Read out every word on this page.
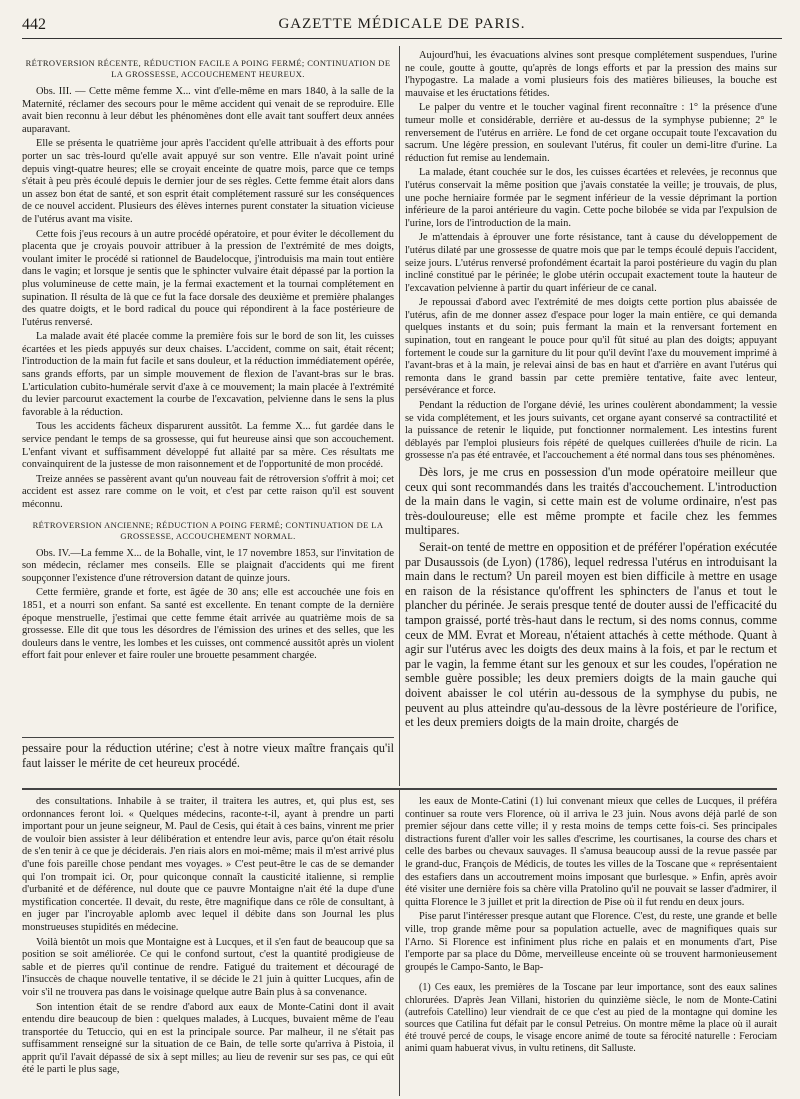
442	GAZETTE MÉDICALE DE PARIS.
RÉTROVERSION RÉCENTE, RÉDUCTION FACILE A POING FERMÉ; CONTINUATION DE LA GROSSESSE, ACCOUCHEMENT HEUREUX.

Obs. III. — Cette même femme X... vint d'elle-même en mars 1840, à la salle de la Maternité, réclamer des secours pour le même accident qui venait de se reproduire. Elle avait bien reconnu à leur début les phénomènes dont elle avait tant souffert deux années auparavant.

Elle se présenta le quatrième jour après l'accident qu'elle attribuait à des efforts pour porter un sac très-lourd qu'elle avait appuyé sur son ventre. Elle n'avait point uriné depuis vingt-quatre heures; elle se croyait enceinte de quatre mois, parce que ce temps s'était à peu près écoulé depuis le dernier jour de ses règles. Cette femme était alors dans un assez bon état de santé, et son esprit était complétement rassuré sur les conséquences de ce nouvel accident. Plusieurs des élèves internes purent constater la situation vicieuse de l'utérus avant ma visite.

Cette fois j'eus recours à un autre procédé opératoire, et pour éviter le décollement du placenta que je croyais pouvoir attribuer à la pression de l'extrémité de mes doigts, voulant imiter le procédé si rationnel de Baudelocque, j'introduisis ma main tout entière dans le vagin; et lorsque je sentis que le sphincter vulvaire était dépassé par la portion la plus volumineuse de cette main, je la fermai exactement et la tournai complétement en supination. Il résulta de là que ce fut la face dorsale des deuxième et première phalanges des quatre doigts, et le bord radical du pouce qui répondirent à la face postérieure de l'utérus renversé.

La malade avait été placée comme la première fois sur le bord de son lit, les cuisses écartées et les pieds appuyés sur deux chaises. L'accident, comme on sait, était récent; l'introduction de la main fut facile et sans douleur, et la réduction immédiatement opérée, sans grands efforts, par un simple mouvement de flexion de l'avant-bras sur le bras. L'articulation cubito-humérale servit d'axe à ce mouvement; la main placée à l'extrémité du levier parcourut exactement la courbe de l'excavation, pelvienne dans le sens la plus favorable à la réduction.

Tous les accidents fâcheux disparurent aussitôt. La femme X... fut gardée dans le service pendant le temps de sa grossesse, qui fut heureuse ainsi que son accouchement. L'enfant vivant et suffisamment développé fut allaité par sa mère. Ces résultats me convainquirent de la justesse de mon raisonnement et de l'opportunité de mon procédé.

Treize années se passèrent avant qu'un nouveau fait de rétroversion s'offrit à moi; cet accident est assez rare comme on le voit, et c'est par cette raison qu'il est souvent méconnu.

RÉTROVERSION ANCIENNE; RÉDUCTION A POING FERMÉ; CONTINUATION DE LA GROSSESSE, ACCOUCHEMENT NORMAL.

Obs. IV.—La femme X... de la Bohalle, vint, le 17 novembre 1853, sur l'invitation de son médecin, réclamer mes conseils. Elle se plaignait d'accidents qui me firent soupçonner l'existence d'une rétroversion datant de quinze jours.

Cette fermière, grande et forte, est âgée de 30 ans; elle est accouchée une fois en 1851, et a nourri son enfant. Sa santé est excellente. En tenant compte de la dernière époque menstruelle, j'estimai que cette femme était arrivée au quatrième mois de sa grossesse. Elle dit que tous les désordres de l'émission des urines et des selles, que les douleurs dans le ventre, les lombes et les cuisses, ont commencé aussitôt après un violent effort fait pour enlever et faire rouler une brouette pesamment chargée.

Aujourd'hui, les évacuations alvines sont presque complétement suspendues, l'urine ne coule, goutte à goutte, qu'après de longs efforts et par la pression des mains sur l'hypogastre. La malade a vomi plusieurs fois des matières bilieuses, la bouche est mauvaise et les éructations fétides.

Le palper du ventre et le toucher vaginal firent reconnaître : 1° la présence d'une tumeur molle et considérable, derrière et au-dessus de la symphyse pubienne; 2° le renversement de l'utérus en arrière. Le fond de cet organe occupait toute l'excavation du sacrum. Une légère pression, en soulevant l'utérus, fit couler un demi-litre d'urine. La réduction fut remise au lendemain.

La malade, étant couchée sur le dos, les cuisses écartées et relevées, je reconnus que l'utérus conservait la même position que j'avais constatée la veille; je trouvais, de plus, une poche herniaire formée par le segment inférieur de la vessie déprimant la portion inférieure de la paroi antérieure du vagin. Cette poche bilobée se vida par l'expulsion de l'urine, lors de l'introduction de la main.

Je m'attendais à éprouver une forte résistance, tant à cause du développement de l'utérus dilaté par une grossesse de quatre mois que par le temps écoulé depuis l'accident, seize jours. L'utérus renversé profondément écartait la paroi postérieure du vagin du plan incliné constitué par le périnée; le globe utérin occupait exactement toute la hauteur de l'excavation pelvienne à partir du quart inférieur de ce canal.

Je repoussai d'abord avec l'extrémité de mes doigts cette portion plus abaissée de l'utérus, afin de me donner assez d'espace pour loger la main entière, ce qui demanda quelques instants et du soin; puis fermant la main et la renversant fortement en supination, tout en rangeant le pouce pour qu'il fût situé au plan des doigts; appuyant fortement le coude sur la garniture du lit pour qu'il devînt l'axe du mouvement imprimé à l'avant-bras et à la main, je relevai ainsi de bas en haut et d'arrière en avant l'utérus qui remonta dans le grand bassin par cette première tentative, faite avec lenteur, persévérance et force.

Pendant la réduction de l'organe dévié, les urines coulèrent abondamment; la vessie se vida complétement, et les jours suivants, cet organe ayant conservé sa contractilité et la puissance de retenir le liquide, put fonctionner normalement. Les intestins furent déblayés par l'emploi plusieurs fois répété de quelques cuillerées d'huile de ricin. La grossesse n'a pas été entravée, et l'accouchement a été normal dans tous ses phénomènes.

Dès lors, je me crus en possession d'un mode opératoire meilleur que ceux qui sont recommandés dans les traités d'accouchement. L'introduction de la main dans le vagin, si cette main est de volume ordinaire, n'est pas très-douloureuse; elle est même prompte et facile chez les femmes multipares.

Serait-on tenté de mettre en opposition et de préférer l'opération exécutée par Dusaussois (de Lyon) (1786), lequel redressa l'utérus en introduisant la main dans le rectum? Un pareil moyen est bien difficile à mettre en usage en raison de la résistance qu'offrent les sphincters de l'anus et tout le plancher du périnée. Je serais presque tenté de douter aussi de l'efficacité du tampon graissé, porté très-haut dans le rectum, si des noms connus, comme ceux de MM. Evrat et Moreau, n'étaient attachés à cette méthode. Quant à agir sur l'utérus avec les doigts des deux mains à la fois, et par le rectum et par le vagin, la femme étant sur les genoux et sur les coudes, l'opération ne semble guère possible; les deux premiers doigts de la main gauche qui doivent abaisser le col utérin au-dessous de la symphyse du pubis, ne peuvent au plus atteindre qu'au-dessous de la lèvre postérieure de l'orifice, et les deux premiers doigts de la main droite, chargés de

pessaire pour la réduction utérine; c'est à notre vieux maître français qu'il faut laisser le mérite de cet heureux procédé.

des consultations. Inhabile à se traiter, il traitera les autres, et, qui plus est, ses ordonnances feront loi. « Quelques médecins, raconte-t-il, ayant à prendre un parti important pour un jeune seigneur, M. Paul de Cesis, qui était à ces bains, vinrent me prier de vouloir bien assister à leur délibération et entendre leur avis, parce qu'on était résolu de s'en tenir à ce que je déciderais. J'en riais alors en moi-même; mais il m'est arrivé plus d'une fois pareille chose pendant mes voyages. » C'est peut-être le cas de se demander qui l'on trompait ici. Or, pour quiconque connaît la causticité italienne, si remplie d'urbanité et de déférence, nul doute que ce pauvre Montaigne n'ait été la dupe d'une mystification concertée. Il devait, du reste, être magnifique dans ce rôle de consultant, à en juger par l'incroyable aplomb avec lequel il débite dans son Journal les plus monstrueuses stupidités en médecine.

Voilà bientôt un mois que Montaigne est à Lucques, et il s'en faut de beaucoup que sa position se soit améliorée. Ce qui le confond surtout, c'est la quantité prodigieuse de sable et de pierres qu'il continue de rendre. Fatigué du traitement et découragé de l'insuccès de chaque nouvelle tentative, il se décide le 21 juin à quitter Lucques, afin de voir s'il ne trouvera pas dans le voisinage quelque autre Bain plus à sa convenance.

Son intention était de se rendre d'abord aux eaux de Monte-Catini dont il avait entendu dire beaucoup de bien : quelques malades, à Lucques, buvaient même de l'eau transportée du Tetuccio, qui en est la principale source. Par malheur, il ne s'était pas suffisamment renseigné sur la situation de ce Bain, de telle sorte qu'arriva à Pistoia, il apprit qu'il l'avait dépassé de six à sept milles; au lieu de revenir sur ses pas, ce qui eût été le parti le plus sage,

les eaux de Monte-Catini (1) lui convenant mieux que celles de Lucques, il préféra continuer sa route vers Florence, où il arriva le 23 juin. Nous avons déjà parlé de son premier séjour dans cette ville; il y resta moins de temps cette fois-ci. Ses principales distractions furent d'aller voir les salles d'escrime, les courtisanes, la course des chars et celle des barbes ou chevaux sauvages. Il s'amusa beaucoup aussi de la revue passée par le grand-duc, François de Médicis, de toutes les villes de la Toscane que « représentaient des estafiers dans un accoutrement moins imposant que burlesque. » Enfin, après avoir été visiter une dernière fois sa chère villa Pratolino qu'il ne pouvait se lasser d'admirer, il quitta Florence le 3 juillet et prit la direction de Pise où il fut rendu en deux jours.

Pise parut l'intéresser presque autant que Florence. C'est, du reste, une grande et belle ville, trop grande même pour sa population actuelle, avec de magnifiques quais sur l'Arno. Si Florence est infiniment plus riche en palais et en monuments d'art, Pise l'emporte par sa place du Dôme, merveilleuse enceinte où se trouvent harmonieusement groupés le Campo-Santo, le Bap-

(1) Ces eaux, les premières de la Toscane par leur importance, sont des eaux salines chlorurées. D'après Jean Villani, historien du quinzième siècle, le nom de Monte-Catini (autrefois Catellino) leur viendrait de ce que c'est au pied de la montagne qui domine les sources que Catilina fut défait par le consul Petreius. On montre même la place où il aurait été trouvé percé de coups, le visage encore animé de toute sa férocité naturelle : Ferociam animi quam habuerat vivus, in vultu retinens, dit Salluste.
